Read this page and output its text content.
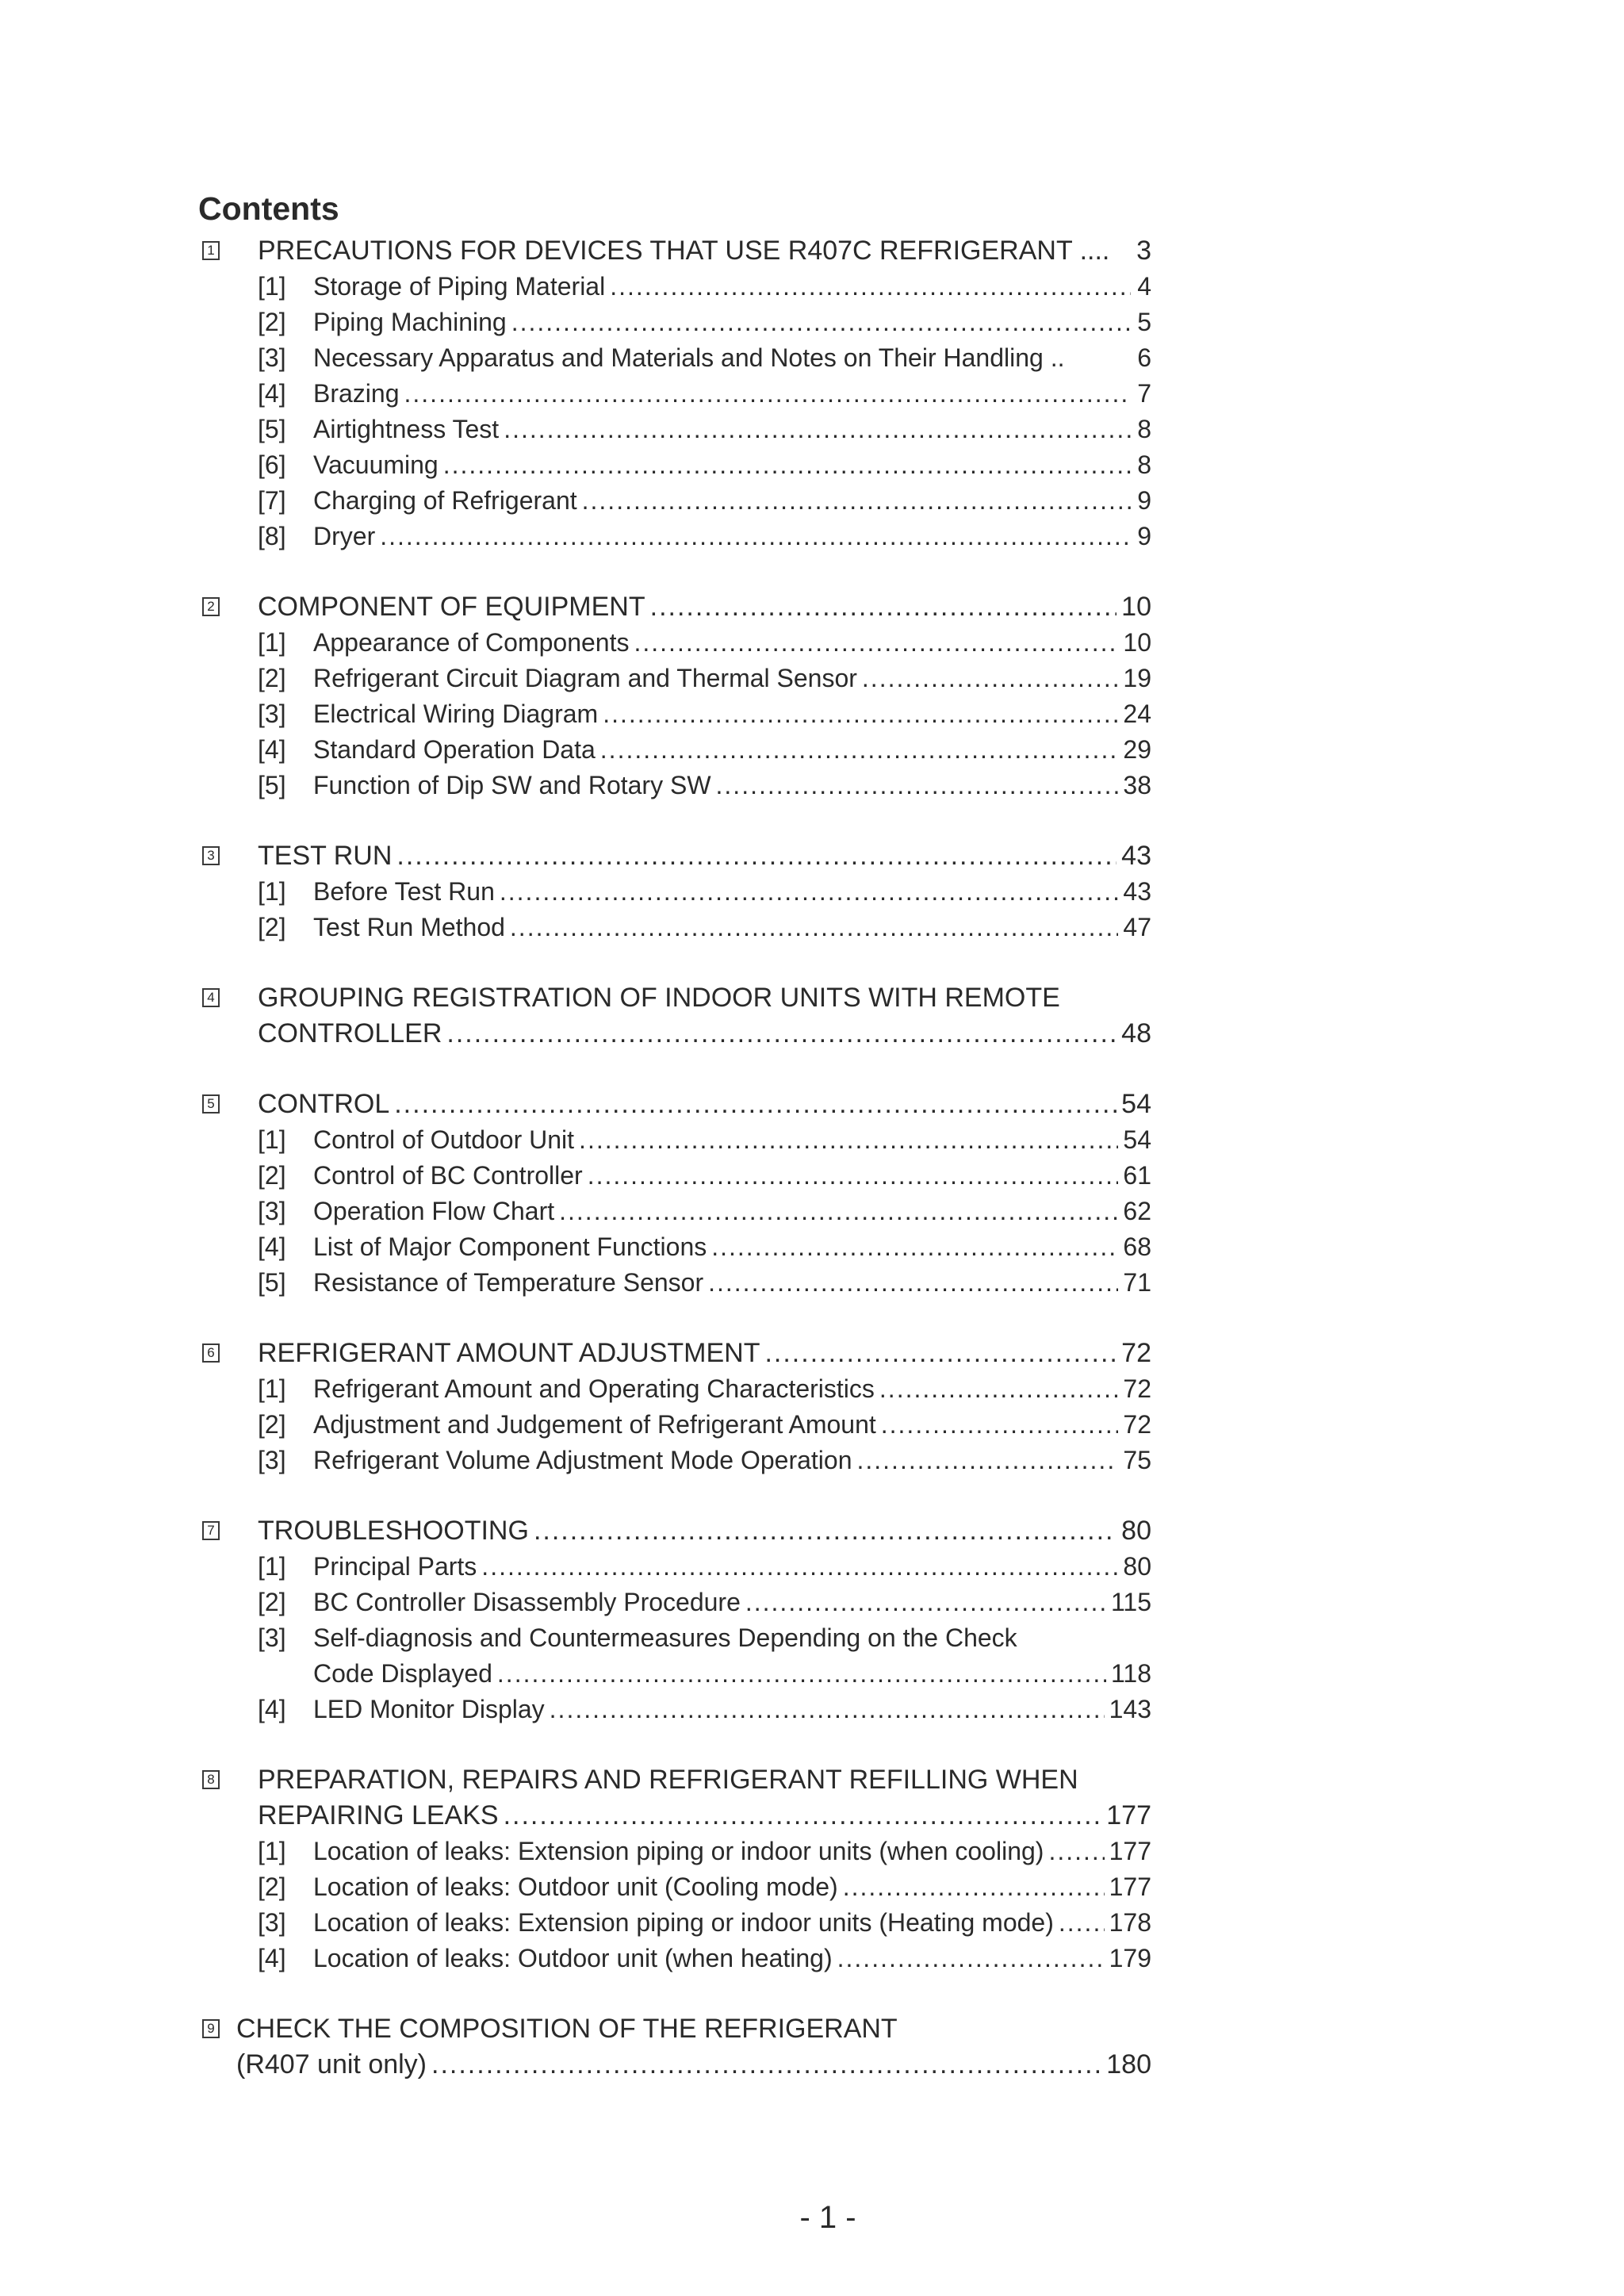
Contents
1 PRECAUTIONS FOR DEVICES THAT USE R407C REFRIGERANT .... 3
[1]	Storage of Piping Material .....	4
[2]	Piping Machining .....	5
[3]	Necessary Apparatus and Materials and Notes on Their Handling ..	6
[4]	Brazing .....	7
[5]	Airtightness Test .....	8
[6]	Vacuuming .....	8
[7]	Charging of Refrigerant .....	9
[8]	Dryer .....	9
2 COMPONENT OF EQUIPMENT .....	10
[1]	Appearance of Components .....	10
[2]	Refrigerant Circuit Diagram and Thermal Sensor .....	19
[3]	Electrical Wiring Diagram .....	24
[4]	Standard Operation Data .....	29
[5]	Function of Dip SW and Rotary SW .....	38
3 TEST RUN .....	43
[1]	Before Test Run .....	43
[2]	Test Run Method .....	47
4 GROUPING REGISTRATION OF INDOOR UNITS WITH REMOTE
CONTROLLER .....	48
5 CONTROL .....	54
[1]	Control of Outdoor Unit .....	54
[2]	Control of BC Controller .....	61
[3]	Operation Flow Chart .....	62
[4]	List of Major Component Functions .....	68
[5]	Resistance of Temperature Sensor .....	71
6 REFRIGERANT AMOUNT ADJUSTMENT .....	72
[1]	Refrigerant Amount and Operating Characteristics .....	72
[2]	Adjustment and Judgement of Refrigerant Amount .....	72
[3]	Refrigerant Volume Adjustment Mode Operation .....	75
7 TROUBLESHOOTING .....	80
[1]	Principal Parts .....	80
[2]	BC Controller Disassembly Procedure .....	115
[3]	Self-diagnosis and Countermeasures Depending on the Check
Code Displayed .....	118
[4]	LED Monitor Display .....	143
8 PREPARATION, REPAIRS AND REFRIGERANT REFILLING WHEN
REPAIRING LEAKS .....	177
[1]	Location of leaks: Extension piping or indoor units (when cooling) .....	177
[2]	Location of leaks: Outdoor unit (Cooling mode) .....	177
[3]	Location of leaks: Extension piping or indoor units (Heating mode) ..... 178
[4]	Location of leaks: Outdoor unit (when heating) .....	179
9 CHECK THE COMPOSITION OF THE REFRIGERANT
(R407 unit only) .....	180
- 1 -
